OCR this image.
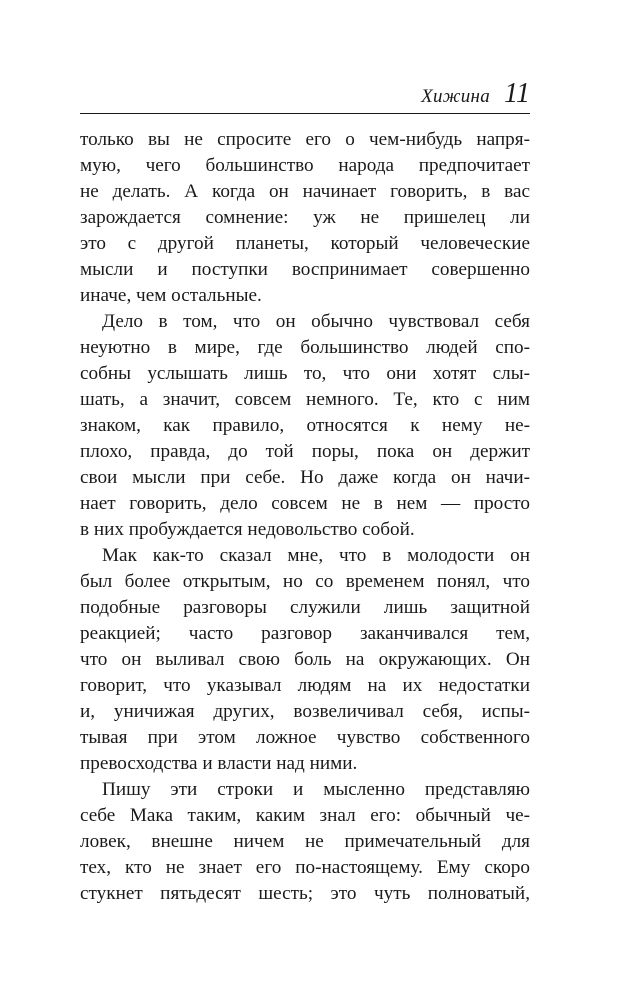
Хижина 11
только вы не спросите его о чем-нибудь напря-
мую, чего большинство народа предпочитает
не делать. А когда он начинает говорить, в вас
зарождается сомнение: уж не пришелец ли
это с другой планеты, который человеческие
мысли и поступки воспринимает совершенно
иначе, чем остальные.
Дело в том, что он обычно чувствовал себя
неуютно в мире, где большинство людей спо-
собны услышать лишь то, что они хотят слы-
шать, а значит, совсем немного. Те, кто с ним
знаком, как правило, относятся к нему не-
плохо, правда, до той поры, пока он держит
свои мысли при себе. Но даже когда он начи-
нает говорить, дело совсем не в нем — просто
в них пробуждается недовольство собой.
Мак как-то сказал мне, что в молодости он
был более открытым, но со временем понял, что
подобные разговоры служили лишь защитной
реакцией; часто разговор заканчивался тем,
что он выливал свою боль на окружающих. Он
говорит, что указывал людям на их недостатки
и, уничижая других, возвеличивал себя, испы-
тывая при этом ложное чувство собственного
превосходства и власти над ними.
Пишу эти строки и мысленно представляю
себе Мака таким, каким знал его: обычный че-
ловек, внешне ничем не примечательный для
тех, кто не знает его по-настоящему. Ему скоро
стукнет пятьдесят шесть; это чуть полноватый,
